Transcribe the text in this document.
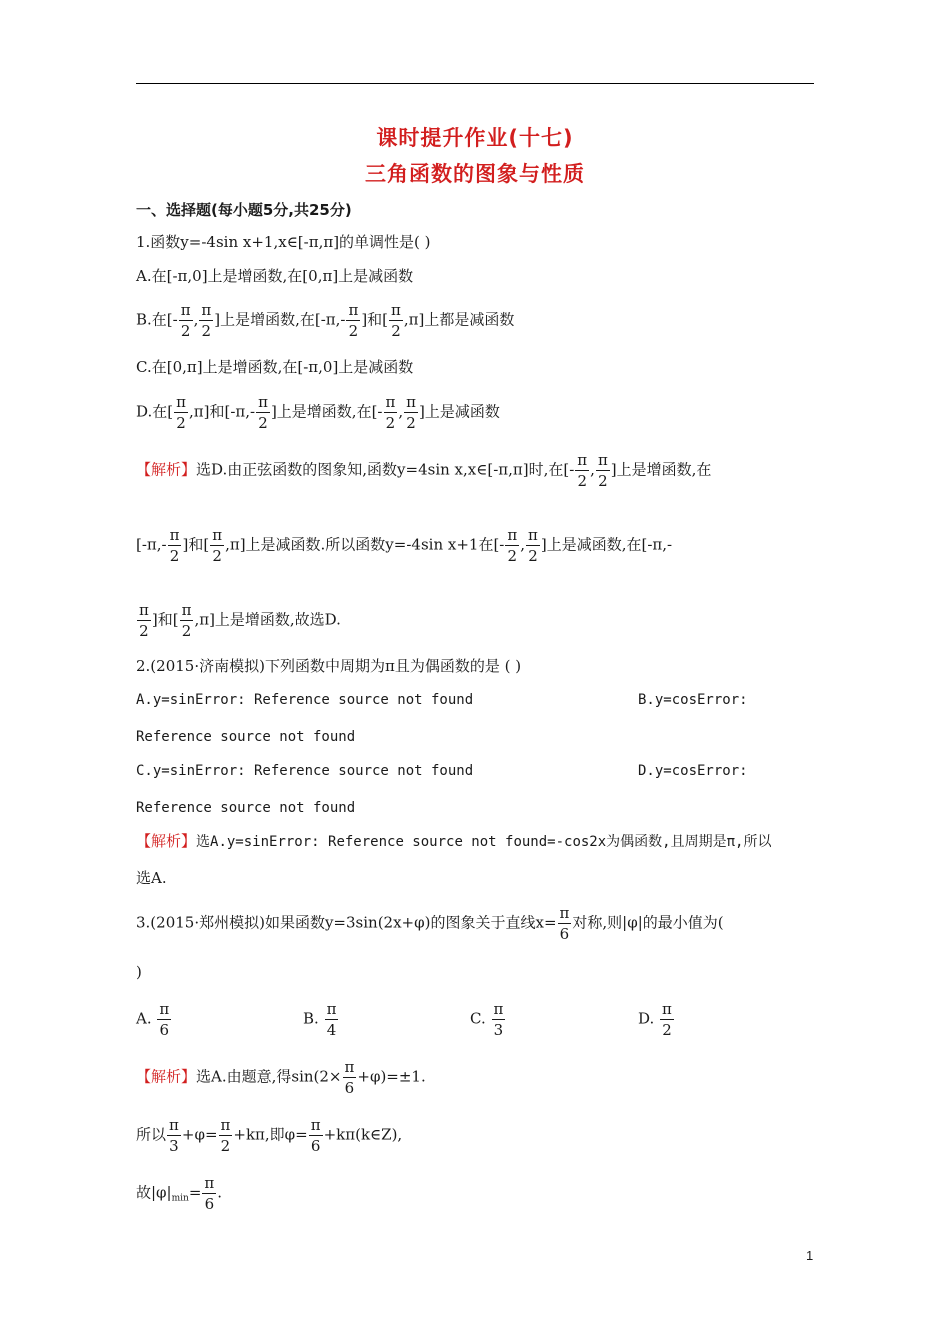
课时提升作业(十七)
三角函数的图象与性质
一、选择题(每小题5分,共25分)
1.函数y=-4sin x+1,x∈[-π,π]的单调性是( )
A.在[-π,0]上是增函数,在[0,π]上是减函数
B.在[- $\frac{\pi}{2}$ , $\frac{\pi}{2}$ ]上是增函数,在[$-\pi,- \frac{\pi}{2}$ ]和[ $\frac{\pi}{2} ,\pi$]上都是减函数
C.在[0,π]上是增函数,在[-π,0]上是减函数
D.在[ $\frac{\pi}{2} ,\pi$]和[$-\pi,- \frac{\pi}{2}$ ]上是增函数,在[- $\frac{\pi}{2}$ , $\frac{\pi}{2}$ ]上是减函数
【解析】选D.由正弦函数的图象知,函数y=4sin x,x∈[-π,π]时,在[- $\frac{\pi}{2}$ , $\frac{\pi}{2}$ ]上是增函数,在
[$-\pi,- \frac{\pi}{2}$ ]和[ $\frac{\pi}{2} ,\pi$]上是减函数.所以函数y=-4sin x+1在[- $\frac{\pi}{2}$ , $\frac{\pi}{2}$ ]上是减函数,在[-π,-
$\frac{\pi}{2}$ ]和[ $\frac{\pi}{2} ,\pi$]上是增函数,故选D.
2.(2015·济南模拟)下列函数中周期为π且为偶函数的是 ( )
A.y=sinError: Reference source not found	B.y=cosError:
Reference source not found
C.y=sinError: Reference source not found	D.y=cosError:
Reference source not found
【解析】选A.y=sinError: Reference source not found=-cos2x为偶函数,且周期是π,所以
选A.
3.(2015·郑州模拟)如果函数y=3sin(2x+φ)的图象关于直线$x= \frac{\pi}{6}$ 对称,则|φ|的最小值为(
)
A. $\frac{\pi}{6}$	B. $\frac{\pi}{4}$	C. $\frac{\pi}{3}$	D. $\frac{\pi}{2}$
【解析】选A.由题意,得$\sin(2\times \frac{\pi}{6} +\varphi)=\pm 1$.
所以 $\frac{\pi}{3} +\varphi= \frac{\pi}{2} +k\pi$,即$\varphi= \frac{\pi}{6}$ +kπ(k∈Z),
故$|\varphi|_{min}= \frac{\pi}{6}$ .
1
